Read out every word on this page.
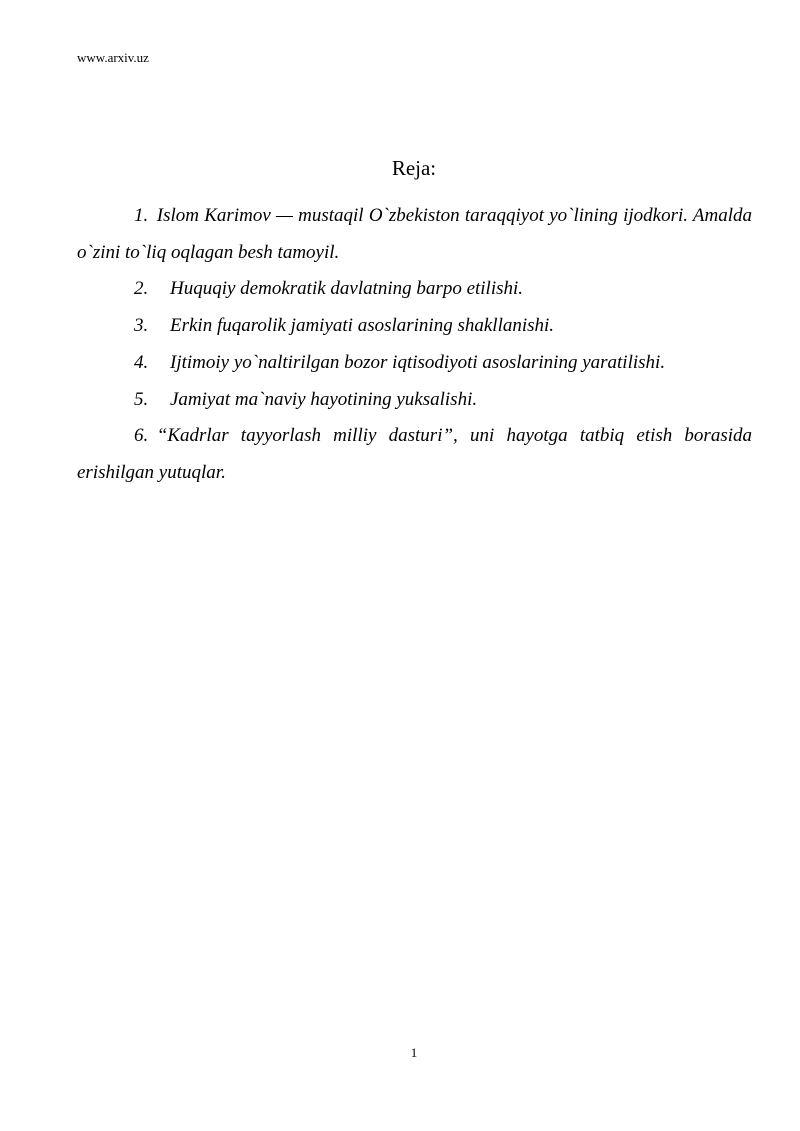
www.arxiv.uz
Reja:
1. Islom Karimov — mustaqil O`zbekiston taraqqiyot yo`lining ijodkori. Amalda o`zini to`liq oqlagan besh tamoyil.
2. Huquqiy demokratik davlatning barpo etilishi.
3. Erkin fuqarolik jamiyati asoslarining shakllanishi.
4. Ijtimoiy yo`naltirilgan bozor iqtisodiyoti asoslarining yaratilishi.
5. Jamiyat ma`naviy hayotining yuksalishi.
6. “Kadrlar tayyorlash milliy dasturi”, uni hayotga tatbiq etish borasida erishilgan yutuqlar.
1
